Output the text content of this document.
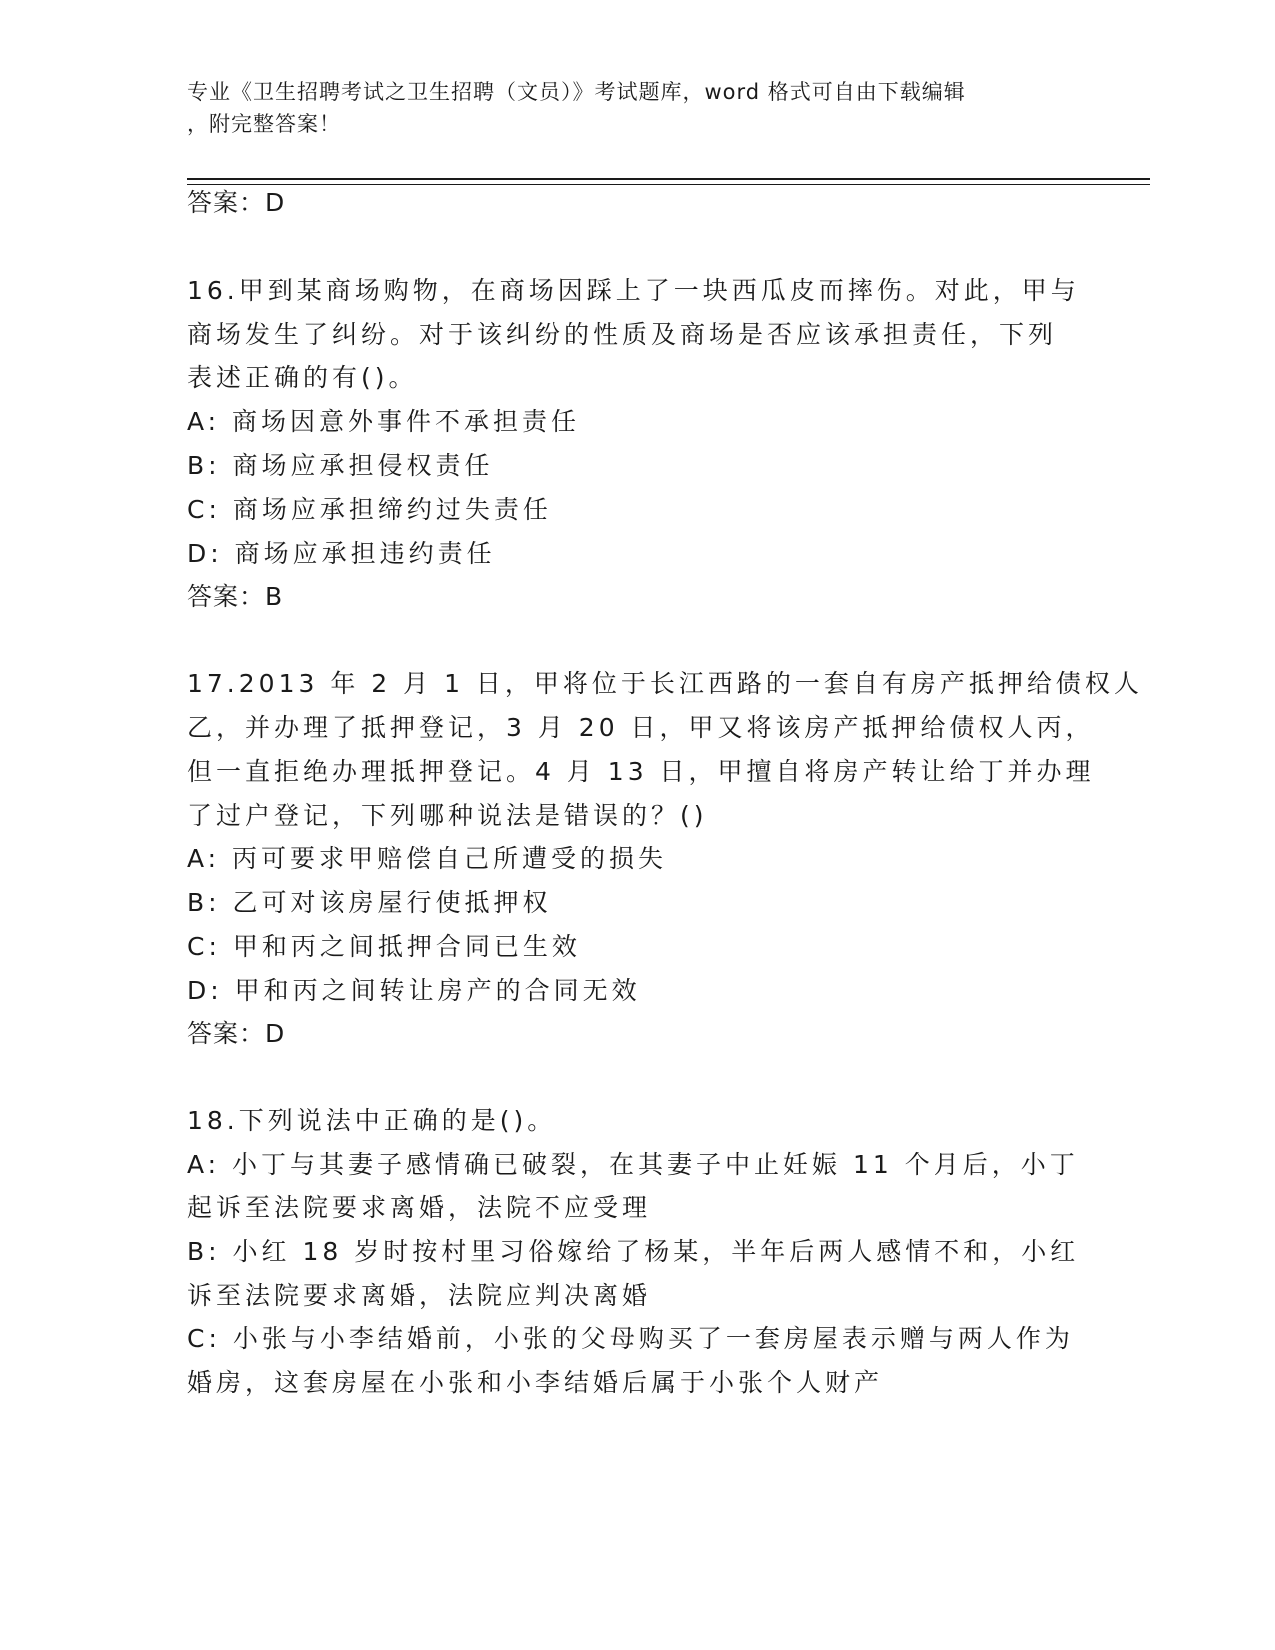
专业《卫生招聘考试之卫生招聘（文员）》考试题库，word 格式可自由下载编辑
，附完整答案！
答案：D
16.甲到某商场购物，在商场因踩上了一块西瓜皮而摔伤。对此，甲与
商场发生了纠纷。对于该纠纷的性质及商场是否应该承担责任，下列
表述正确的有()。
A: 商场因意外事件不承担责任
B: 商场应承担侵权责任
C: 商场应承担缔约过失责任
D: 商场应承担违约责任
答案：B
17.2013 年 2 月 1 日，甲将位于长江西路的一套自有房产抵押给债权人
乙，并办理了抵押登记，3 月 20 日，甲又将该房产抵押给债权人丙，
但一直拒绝办理抵押登记。4 月 13 日，甲擅自将房产转让给丁并办理
了过户登记，下列哪种说法是错误的？()
A: 丙可要求甲赔偿自己所遭受的损失
B: 乙可对该房屋行使抵押权
C: 甲和丙之间抵押合同已生效
D: 甲和丙之间转让房产的合同无效
答案：D
18.下列说法中正确的是()。
A: 小丁与其妻子感情确已破裂，在其妻子中止妊娠 11 个月后，小丁
起诉至法院要求离婚，法院不应受理
B: 小红 18 岁时按村里习俗嫁给了杨某，半年后两人感情不和，小红
诉至法院要求离婚，法院应判决离婚
C: 小张与小李结婚前，小张的父母购买了一套房屋表示赠与两人作为
婚房，这套房屋在小张和小李结婚后属于小张个人财产
